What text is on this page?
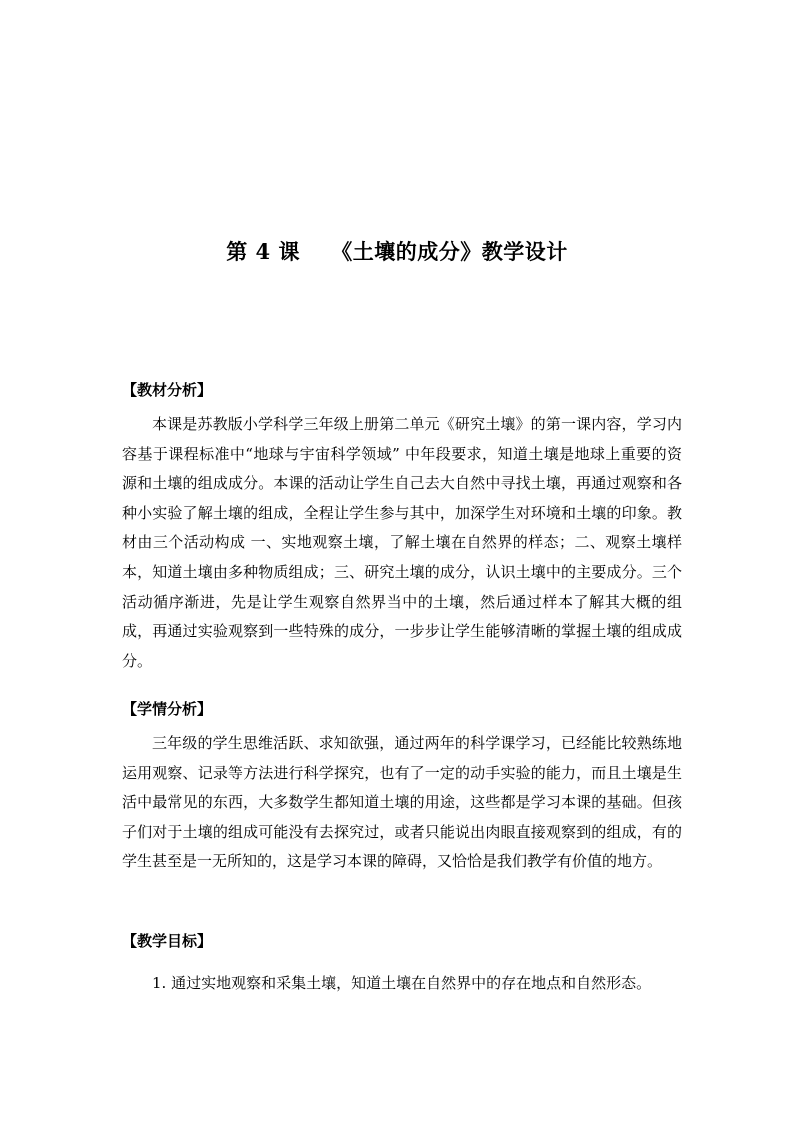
第 4 课    《土壤的成分》教学设计
【教材分析】

本课是苏教版小学科学三年级上册第二单元《研究土壤》的第一课内容，学习内容基于课程标准中“地球与宇宙科学领域” 中年段要求，知道土壤是地球上重要的资源和土壤的组成成分。本课的活动让学生自己去大自然中寻找土壤，再通过观察和各种小实验了解土壤的组成，全程让学生参与其中，加深学生对环境和土壤的印象。教材由三个活动构成 一、实地观察土壤，了解土壤在自然界的样态；二、观察土壤样本，知道土壤由多种物质组成；三、研究土壤的成分，认识土壤中的主要成分。三个活动循序渐进，先是让学生观察自然界当中的土壤，然后通过样本了解其大概的组成，再通过实验观察到一些特殊的成分，一步步让学生能够清晰的掌握土壤的组成成分。

【学情分析】

三年级的学生思维活跃、求知欲强，通过两年的科学课学习，已经能比较熟练地运用观察、记录等方法进行科学探究，也有了一定的动手实验的能力，而且土壤是生活中最常见的东西，大多数学生都知道土壤的用途，这些都是学习本课的基础。但孩子们对于土壤的组成可能没有去探究过，或者只能说出肉眼直接观察到的组成，有的学生甚至是一无所知的，这是学习本课的障碍，又恰恰是我们教学有价值的地方。

【教学目标】
1. 通过实地观察和采集土壤，知道土壤在自然界中的存在地点和自然形态。
